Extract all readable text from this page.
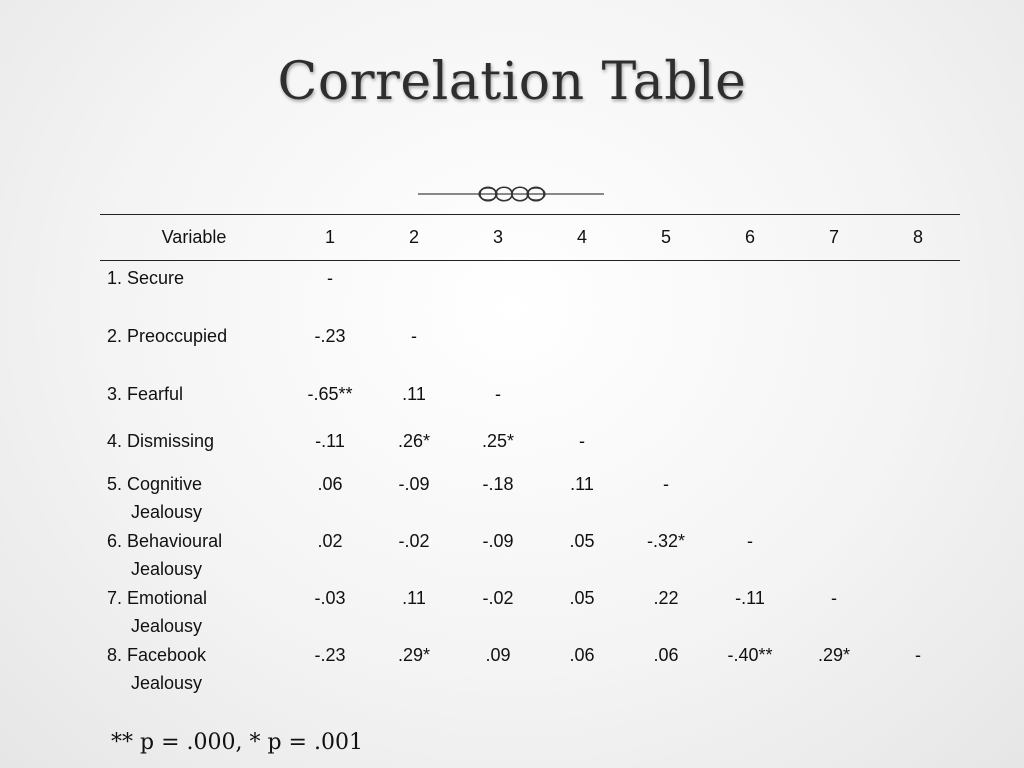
Correlation Table
Variable	1	2	3	4	5	6	7	8
1. Secure	-							
2. Preoccupied	-.23	-						
3. Fearful	-.65**	.11	-					
4. Dismissing	-.11	.26*	.25*	-				
5. Cognitive
Jealousy	.06	-.09	-.18	.11	-			
6. Behavioural
Jealousy	.02	-.02	-.09	.05	-.32*	-		
7. Emotional
Jealousy	-.03	.11	-.02	.05	.22	-.11	-	
8. Facebook
Jealousy	-.23	.29*	.09	.06	.06	-.40**	.29*	-
** p = .000, * p = .001
